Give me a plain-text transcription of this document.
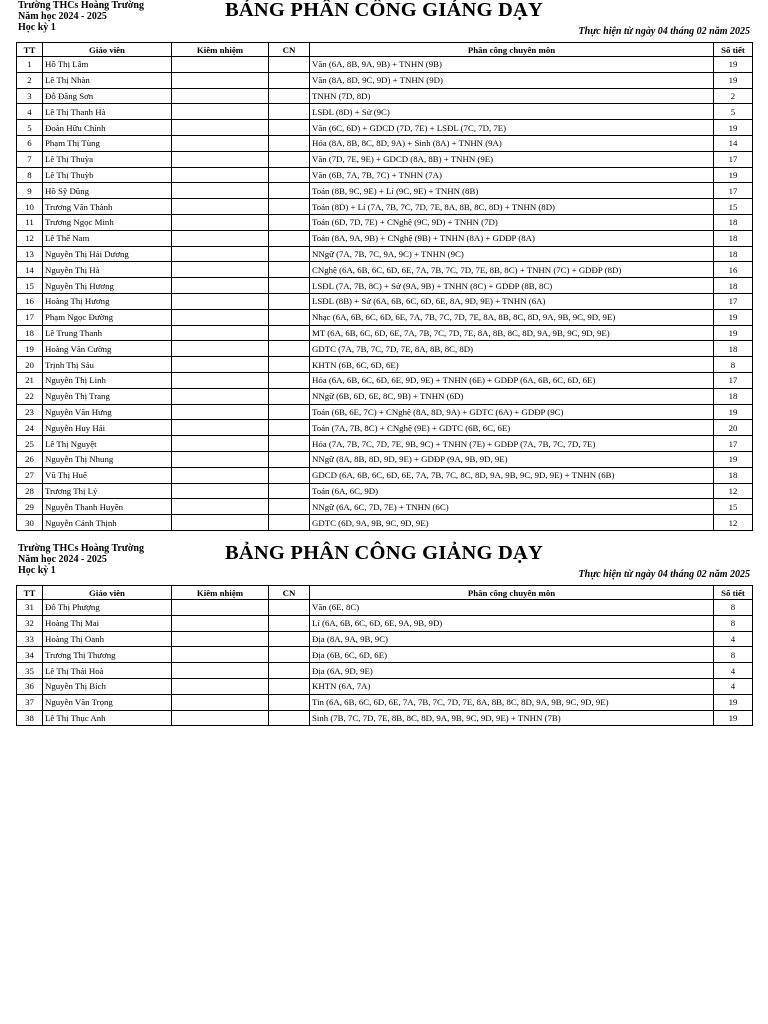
Trường THCs Hoàng Trường
Năm học 2024 - 2025
Học kỳ 1
BẢNG PHÂN CÔNG GIẢNG DẠY
Thực hiện từ ngày 04 tháng 02 năm 2025
TT	Giáo viên	Kiêm nhiệm	CN	Phân công chuyên môn	Số tiết
1	Hồ Thị Lâm			Văn (6A, 8B, 9A, 9B) + TNHN (9B)	19
2	Lê Thị Nhàn			Văn (8A, 8D, 9C, 9D) + TNHN (9D)	19
3	Đỗ Đăng Sơn			TNHN (7D, 8D)	2
4	Lê Thị Thanh Hà			LSĐL (8D) + Sử (9C)	5
5	Đoàn Hữu Chính			Văn (6C, 6D) + GDCD (7D, 7E) + LSĐL (7C, 7D, 7E)	19
6	Phạm Thị Tùng			Hóa (8A, 8B, 8C, 8D, 9A) + Sinh (8A) + TNHN (9A)	14
7	Lê Thị Thuỳa			Văn (7D, 7E, 9E) + GDCD (8A, 8B) + TNHN (9E)	17
8	Lê Thị Thuỳb			Văn (6B, 7A, 7B, 7C) + TNHN (7A)	19
9	Hồ Sỹ Dũng			Toán (8B, 9C, 9E) + Lí (9C, 9E) + TNHN (8B)	17
10	Trương Văn Thành			Toán (8D) + Lí (7A, 7B, 7C, 7D, 7E, 8A, 8B, 8C, 8D) + TNHN (8D)	15
11	Trương Ngọc Minh			Toán (6D, 7D, 7E) + CNghệ (9C, 9D) + TNHN (7D)	18
12	Lê Thế Nam			Toán (8A, 9A, 9B) + CNghệ (9B) + TNHN (8A) + GDĐP (8A)	18
13	Nguyễn Thị Hải Dương			NNgữ (7A, 7B, 7C, 9A, 9C) + TNHN (9C)	18
14	Nguyễn Thị Hà			CNghệ (6A, 6B, 6C, 6D, 6E, 7A, 7B, 7C, 7D, 7E, 8B, 8C) + TNHN (7C) + GDĐP (8D)	16
15	Nguyễn Thị Hương			LSĐL (7A, 7B, 8C) + Sử (9A, 9B) + TNHN (8C) + GDĐP (8B, 8C)	18
16	Hoàng Thị Hương			LSĐL (8B) + Sử (6A, 6B, 6C, 6D, 6E, 8A, 9D, 9E) + TNHN (6A)	17
17	Phạm Ngọc Đường			Nhạc (6A, 6B, 6C, 6D, 6E, 7A, 7B, 7C, 7D, 7E, 8A, 8B, 8C, 8D, 9A, 9B, 9C, 9D, 9E)	19
18	Lê Trung Thanh			MT (6A, 6B, 6C, 6D, 6E, 7A, 7B, 7C, 7D, 7E, 8A, 8B, 8C, 8D, 9A, 9B, 9C, 9D, 9E)	19
19	Hoàng Văn Cường			GDTC (7A, 7B, 7C, 7D, 7E, 8A, 8B, 8C, 8D)	18
20	Trịnh Thị Sáu			KHTN (6B, 6C, 6D, 6E)	8
21	Nguyễn Thị Linh			Hóa (6A, 6B, 6C, 6D, 6E, 9D, 9E) + TNHN (6E) + GDĐP (6A, 6B, 6C, 6D, 6E)	17
22	Nguyễn Thị Trang			NNgữ (6B, 6D, 6E, 8C, 9B) + TNHN (6D)	18
23	Nguyễn Văn Hưng			Toán (6B, 6E, 7C) + CNghệ (8A, 8D, 9A) + GDTC (6A) + GDĐP (9C)	19
24	Nguyễn Huy Hải			Toán (7A, 7B, 8C) + CNghệ (9E) + GDTC (6B, 6C, 6E)	20
25	Lê Thị Nguyệt			Hóa (7A, 7B, 7C, 7D, 7E, 9B, 9C) + TNHN (7E) + GDĐP (7A, 7B, 7C, 7D, 7E)	17
26	Nguyễn Thị Nhung			NNgữ (8A, 8B, 8D, 9D, 9E) + GDĐP (9A, 9B, 9D, 9E)	19
27	Vũ Thị Huế			GDCD (6A, 6B, 6C, 6D, 6E, 7A, 7B, 7C, 8C, 8D, 9A, 9B, 9C, 9D, 9E) + TNHN (6B)	18
28	Trương Thị Lý			Toán (6A, 6C, 9D)	12
29	Nguyễn Thanh Huyền			NNgữ (6A, 6C, 7D, 7E) + TNHN (6C)	15
30	Nguyễn Cảnh Thịnh			GDTC (6D, 9A, 9B, 9C, 9D, 9E)	12
Trường THCs Hoàng Trường
Năm học 2024 - 2025
Học kỳ 1
BẢNG PHÂN CÔNG GIẢNG DẠY
Thực hiện từ ngày 04 tháng 02 năm 2025
TT	Giáo viên	Kiêm nhiệm	CN	Phân công chuyên môn	Số tiết
31	Đỗ Thị Phượng			Văn (6E, 8C)	8
32	Hoàng Thị Mai			Lí (6A, 6B, 6C, 6D, 6E, 9A, 9B, 9D)	8
33	Hoàng Thị Oanh			Địa (8A, 9A, 9B, 9C)	4
34	Trương Thị Thương			Địa (6B, 6C, 6D, 6E)	8
35	Lê Thị Thái Hoà			Địa (6A, 9D, 9E)	4
36	Nguyễn Thị Bích			KHTN (6A, 7A)	4
37	Nguyễn Văn Trọng			Tin (6A, 6B, 6C, 6D, 6E, 7A, 7B, 7C, 7D, 7E, 8A, 8B, 8C, 8D, 9A, 9B, 9C, 9D, 9E)	19
38	Lê Thị Thục Anh			Sinh (7B, 7C, 7D, 7E, 8B, 8C, 8D, 9A, 9B, 9C, 9D, 9E) + TNHN (7B)	19
